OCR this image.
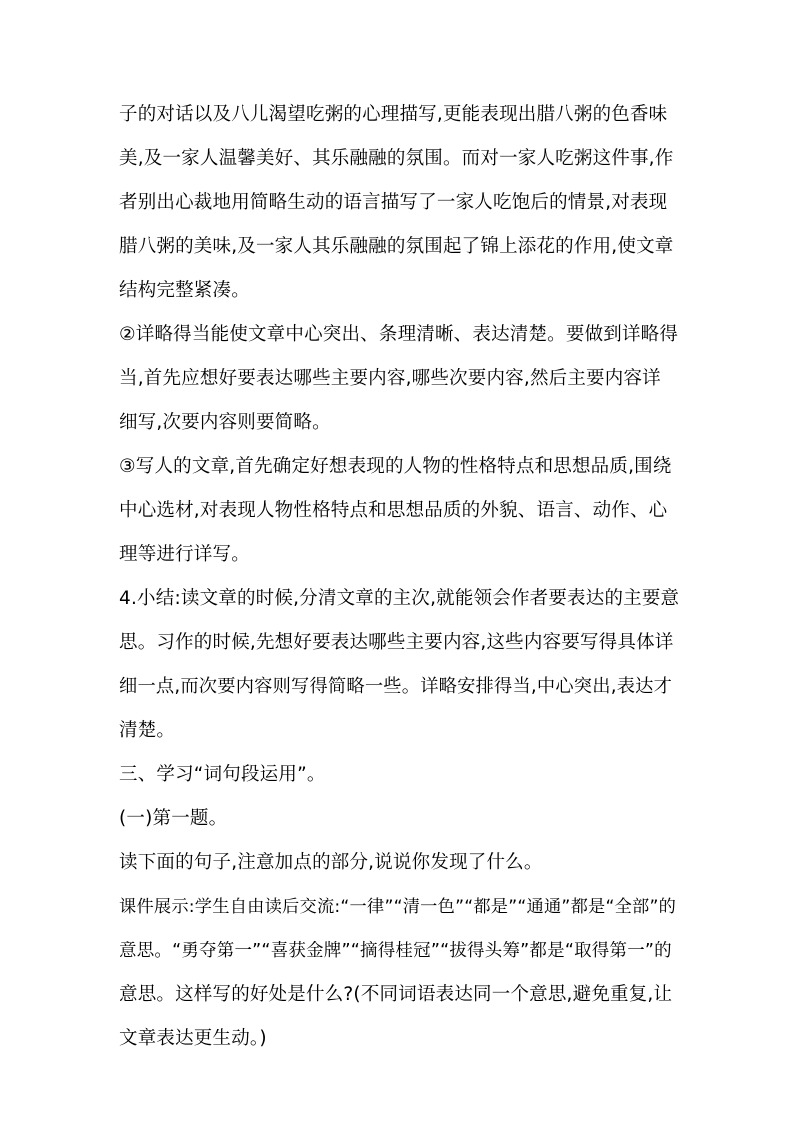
子的对话以及八儿渴望吃粥的心理描写,更能表现出腊八粥的色香味
美,及一家人温馨美好、其乐融融的氛围。而对一家人吃粥这件事,作
者别出心裁地用简略生动的语言描写了一家人吃饱后的情景,对表现
腊八粥的美味,及一家人其乐融融的氛围起了锦上添花的作用,使文章
结构完整紧凑。
②详略得当能使文章中心突出、条理清晰、表达清楚。要做到详略得
当,首先应想好要表达哪些主要内容,哪些次要内容,然后主要内容详
细写,次要内容则要简略。
③写人的文章,首先确定好想表现的人物的性格特点和思想品质,围绕
中心选材,对表现人物性格特点和思想品质的外貌、语言、动作、心
理等进行详写。
4.小结:读文章的时候,分清文章的主次,就能领会作者要表达的主要意
思。习作的时候,先想好要表达哪些主要内容,这些内容要写得具体详
细一点,而次要内容则写得简略一些。详略安排得当,中心突出,表达才
清楚。
三、学习“词句段运用”。
(一)第一题。
读下面的句子,注意加点的部分,说说你发现了什么。
课件展示:学生自由读后交流:“一律”“清一色”“都是”“通通”都是“全部”的
意思。“勇夺第一”“喜获金牌”“摘得桂冠”“拔得头筹”都是“取得第一”的
意思。这样写的好处是什么?(不同词语表达同一个意思,避免重复,让
文章表达更生动。)
